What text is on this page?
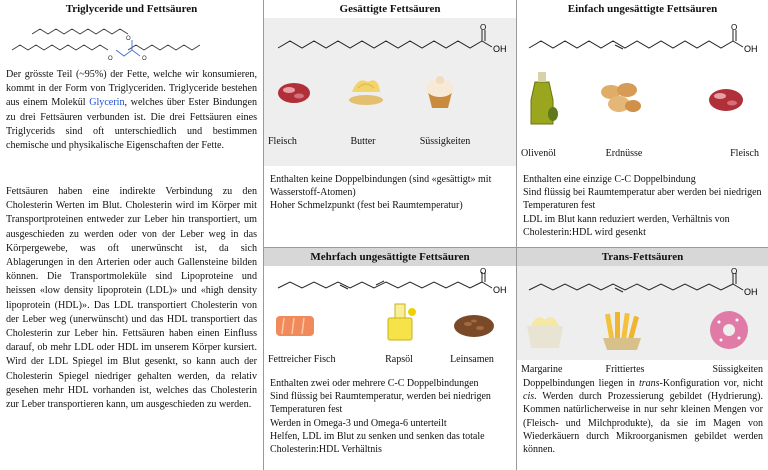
Triglyceride und Fettsäuren
O	O
O
Der grösste Teil (~95%) der Fette, welche wir konsumieren, kommt in der Form von Triglyceriden. Triglyceride bestehen aus einem Molekül Glycerin, welches über Ester Bindungen zu drei Fettsäuren verbunden ist. Die drei Fettsäuren eines Triglycerids sind oft unterschiedlich und bestimmen chemische und physikalische Eigenschaften der Fette.
Fettsäuren haben eine indirekte Verbindung zu den Cholesterin Werten im Blut. Cholesterin wird im Körper mit Transportproteinen entweder zur Leber hin transportiert, um ausgeschieden zu werden oder von der Leber weg in das Körpergewebe, was oft unerwünscht ist, da sich Ablagerungen in den Arterien oder auch Gallensteine bilden können. Die Transportmoleküle sind Lipoproteine und heissen «low density lipoprotein (LDL)» und «high density lipoprotein (HDL)». Das LDL transportiert Cholesterin von der Leber weg (unerwünscht) und das HDL transportiert das Cholesterin zur Leber hin. Fettsäuren haben einen Einfluss darauf, ob mehr LDL oder HDL im unserem Körper kursiert. Wird der LDL Spiegel im Blut gesenkt, so kann auch der Cholesterin Spiegel niedriger gehalten werden, da relativ gesehen mehr HDL vorhanden ist, welches das Cholesterin zur Leber transportieren kann, um ausgeschieden zu werden.
Gesättigte Fettsäuren
O
OH
Fleisch	Butter	Süssigkeiten
Enthalten keine Doppelbindungen (sind «gesättigt» mit Wasserstoff-Atomen)
Hoher Schmelzpunkt (fest bei Raumtemperatur)
Mehrfach ungesättigte Fettsäuren
O
OH
Fettreicher Fisch	Rapsöl	Leinsamen
Enthalten zwei oder mehrere C-C Doppelbindungen
Sind flüssig bei Raumtemperatur, werden bei niedrigen Temperaturen fest
Werden in Omega-3 und Omega-6 unterteilt
Helfen, LDL im Blut zu senken und senken das totale Cholesterin:HDL Verhältnis
Einfach ungesättigte Fettsäuren
O
OH
Olivenöl	Erdnüsse	Fleisch
Enthalten eine einzige C-C Doppelbindung
Sind flüssig bei Raumtemperatur aber werden bei niedrigen Temperaturen fest
LDL im Blut kann reduziert werden, Verhältnis von Cholesterin:HDL wird gesenkt
Trans-Fettsäuren
O
OH
Margarine	Frittiertes	Süssigkeiten
Doppelbindungen liegen in trans-Konfiguration vor, nicht cis. Werden durch Prozessierung gebildet (Hydrierung). Kommen natürlicherweise in nur sehr kleinen Mengen vor (Fleisch- und Milchprodukte), da sie im Magen von Wiederkäuern durch Mikroorganismen gebildet werden können.
